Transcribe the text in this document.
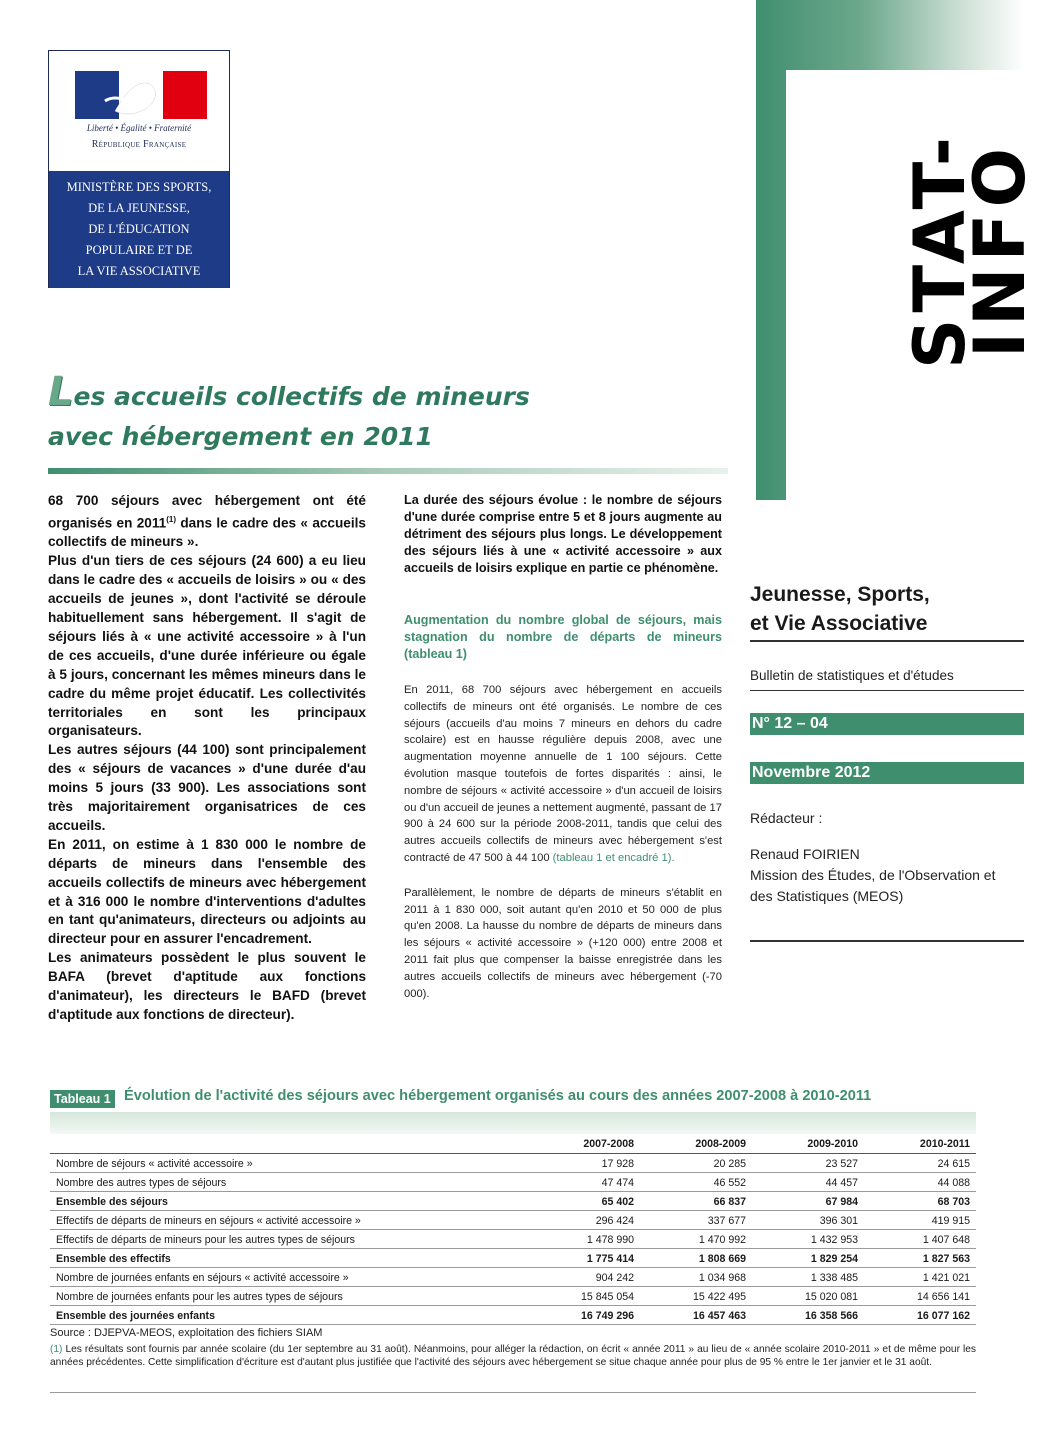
Liberté • Égalité • Fraternité
République Française
MINISTÈRE DES SPORTS,
DE LA JEUNESSE,
DE L'ÉDUCATION
POPULAIRE ET DE
LA VIE ASSOCIATIVE	STAT-INFO
Jeunesse, Sports,
et Vie Associative
Bulletin de statistiques et d'études
N° 12 – 04
Novembre 2012
Rédacteur :
Renaud FOIRIEN
Mission des Études, de l'Observation et des Statistiques (MEOS)
Les accueils collectifs de mineurs
avec hébergement en 2011

68 700 séjours avec hébergement ont été organisés en 2011$^{(1)}$ dans le cadre des « accueils collectifs de mineurs ».

Plus d'un tiers de ces séjours (24 600) a eu lieu dans le cadre des « accueils de loisirs » ou « des accueils de jeunes », dont l'activité se déroule habituellement sans hébergement. Il s'agit de séjours liés à « une activité accessoire » à l'un de ces accueils, d'une durée inférieure ou égale à 5 jours, concernant les mêmes mineurs dans le cadre du même projet éducatif. Les collectivités territoriales en sont les principaux organisateurs.

Les autres séjours (44 100) sont principalement des « séjours de vacances » d'une durée d'au moins 5 jours (33 900). Les associations sont très majoritairement organisatrices de ces accueils.

En 2011, on estime à 1 830 000 le nombre de départs de mineurs dans l'ensemble des accueils collectifs de mineurs avec hébergement et à 316 000 le nombre d'interventions d'adultes en tant qu'animateurs, directeurs ou adjoints au directeur pour en assurer l'encadrement.

Les animateurs possèdent le plus souvent le BAFA (brevet d'aptitude aux fonctions d'animateur), les directeurs le BAFD (brevet d'aptitude aux fonctions de directeur).

La durée des séjours évolue : le nombre de séjours d'une durée comprise entre 5 et 8 jours augmente au détriment des séjours plus longs. Le développement des séjours liés à une « activité accessoire » aux accueils de loisirs explique en partie ce phénomène.
Augmentation du nombre global de séjours, mais stagnation du nombre de départs de mineurs (tableau 1)

En 2011, 68 700 séjours avec hébergement en accueils collectifs de mineurs ont été organisés. Le nombre de ces séjours (accueils d'au moins 7 mineurs en dehors du cadre scolaire) est en hausse régulière depuis 2008, avec une augmentation moyenne annuelle de 1 100 séjours. Cette évolution masque toutefois de fortes disparités : ainsi, le nombre de séjours « activité accessoire » d'un accueil de loisirs ou d'un accueil de jeunes a nettement augmenté, passant de 17 900 à 24 600 sur la période 2008-2011, tandis que celui des autres accueils collectifs de mineurs avec hébergement s'est contracté de 47 500 à 44 100 (tableau 1 et encadré 1).

Parallèlement, le nombre de départs de mineurs s'établit en 2011 à 1 830 000, soit autant qu'en 2010 et 50 000 de plus qu'en 2008. La hausse du nombre de départs de mineurs dans les séjours « activité accessoire » (+120 000) entre 2008 et 2011 fait plus que compenser la baisse enregistrée dans les autres accueils collectifs de mineurs avec hébergement (-70 000).

Tableau 1 Évolution de l'activité des séjours avec hébergement organisés au cours des années 2007-2008 à 2010-2011
	2007-2008	2008-2009	2009-2010	2010-2011
Nombre de séjours « activité accessoire »	17 928	20 285	23 527	24 615
Nombre des autres types de séjours	47 474	46 552	44 457	44 088
Ensemble des séjours	65 402	66 837	67 984	68 703
Effectifs de départs de mineurs en séjours « activité accessoire »	296 424	337 677	396 301	419 915
Effectifs de départs de mineurs pour les autres types de séjours	1 478 990	1 470 992	1 432 953	1 407 648
Ensemble des effectifs	1 775 414	1 808 669	1 829 254	1 827 563
Nombre de journées enfants en séjours « activité accessoire »	904 242	1 034 968	1 338 485	1 421 021
Nombre de journées enfants pour les autres types de séjours	15 845 054	15 422 495	15 020 081	14 656 141
Ensemble des journées enfants	16 749 296	16 457 463	16 358 566	16 077 162
Source : DJEPVA-MEOS, exploitation des fichiers SIAM
(1) Les résultats sont fournis par année scolaire (du 1er septembre au 31 août). Néanmoins, pour alléger la rédaction, on écrit « année 2011 » au lieu de « année scolaire 2010-2011 » et de même pour les années précédentes. Cette simplification d'écriture est d'autant plus justifiée que l'activité des séjours avec hébergement se situe chaque année pour plus de 95 % entre le 1er janvier et le 31 août.
